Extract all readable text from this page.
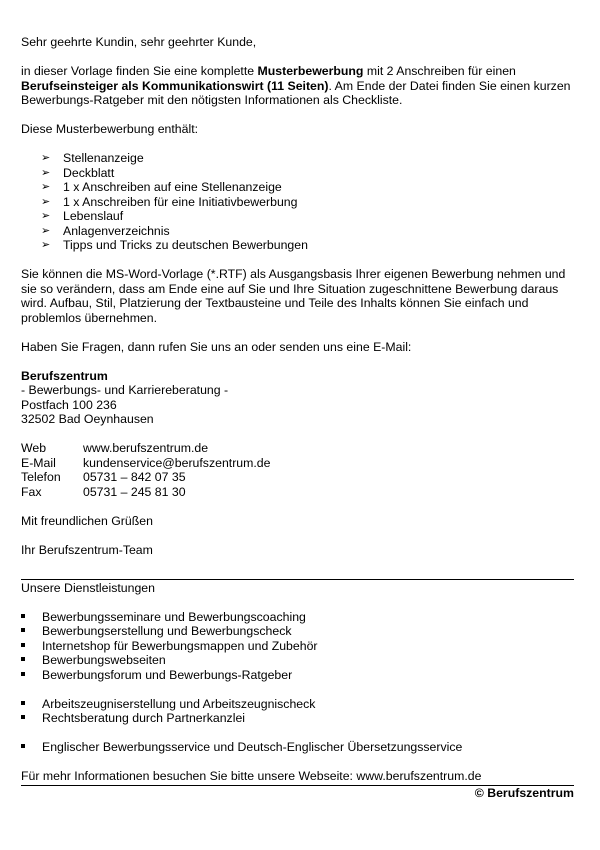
Sehr geehrte Kundin, sehr geehrter Kunde,

in dieser Vorlage finden Sie eine komplette Musterbewerbung mit 2 Anschreiben für einen Berufseinsteiger als Kommunikationswirt (11 Seiten). Am Ende der Datei finden Sie einen kurzen Bewerbungs-Ratgeber mit den nötigsten Informationen als Checkliste.

Diese Musterbewerbung enthält:

➢ Stellenanzeige
➢ Deckblatt
➢ 1 x Anschreiben auf eine Stellenanzeige
➢ 1 x Anschreiben für eine Initiativbewerbung
➢ Lebenslauf
➢ Anlagenverzeichnis
➢ Tipps und Tricks zu deutschen Bewerbungen

Sie können die MS-Word-Vorlage (*.RTF) als Ausgangsbasis Ihrer eigenen Bewerbung nehmen und sie so verändern, dass am Ende eine auf Sie und Ihre Situation zugeschnittene Bewerbung daraus wird. Aufbau, Stil, Platzierung der Textbausteine und Teile des Inhalts können Sie einfach und problemlos übernehmen.

Haben Sie Fragen, dann rufen Sie uns an oder senden uns eine E-Mail:

Berufszentrum

- Bewerbungs- und Karriereberatung -

Postfach 100 236

32502 Bad Oeynhausen

Web	www.berufszentrum.de
E-Mail	kundenservice@berufszentrum.de
Telefon	05731 – 842 07 35
Fax	05731 – 245 81 30

Mit freundlichen Grüßen

Ihr Berufszentrum-Team

Unsere Dienstleistungen

Bewerbungsseminare und Bewerbungscoaching
Bewerbungserstellung und Bewerbungscheck
Internetshop für Bewerbungsmappen und Zubehör
Bewerbungswebseiten
Bewerbungsforum und Bewerbungs-Ratgeber
Arbeitszeugniserstellung und Arbeitszeugnischeck
Rechtsberatung durch Partnerkanzlei
Englischer Bewerbungsservice und Deutsch-Englischer Übersetzungsservice

Für mehr Informationen besuchen Sie bitte unsere Webseite: www.berufszentrum.de

© Berufszentrum
